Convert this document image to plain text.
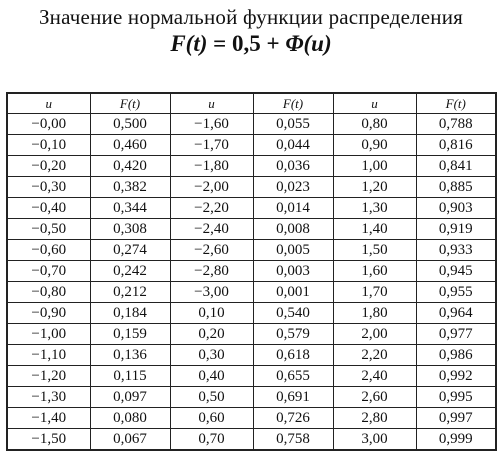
Значение нормальной функции распределения
F(t) = 0,5 + Φ(u)
u	F(t)	u	F(t)	u	F(t)
−0,00	0,500	−1,60	0,055	0,80	0,788
−0,10	0,460	−1,70	0,044	0,90	0,816
−0,20	0,420	−1,80	0,036	1,00	0,841
−0,30	0,382	−2,00	0,023	1,20	0,885
−0,40	0,344	−2,20	0,014	1,30	0,903
−0,50	0,308	−2,40	0,008	1,40	0,919
−0,60	0,274	−2,60	0,005	1,50	0,933
−0,70	0,242	−2,80	0,003	1,60	0,945
−0,80	0,212	−3,00	0,001	1,70	0,955
−0,90	0,184	0,10	0,540	1,80	0,964
−1,00	0,159	0,20	0,579	2,00	0,977
−1,10	0,136	0,30	0,618	2,20	0,986
−1,20	0,115	0,40	0,655	2,40	0,992
−1,30	0,097	0,50	0,691	2,60	0,995
−1,40	0,080	0,60	0,726	2,80	0,997
−1,50	0,067	0,70	0,758	3,00	0,999
